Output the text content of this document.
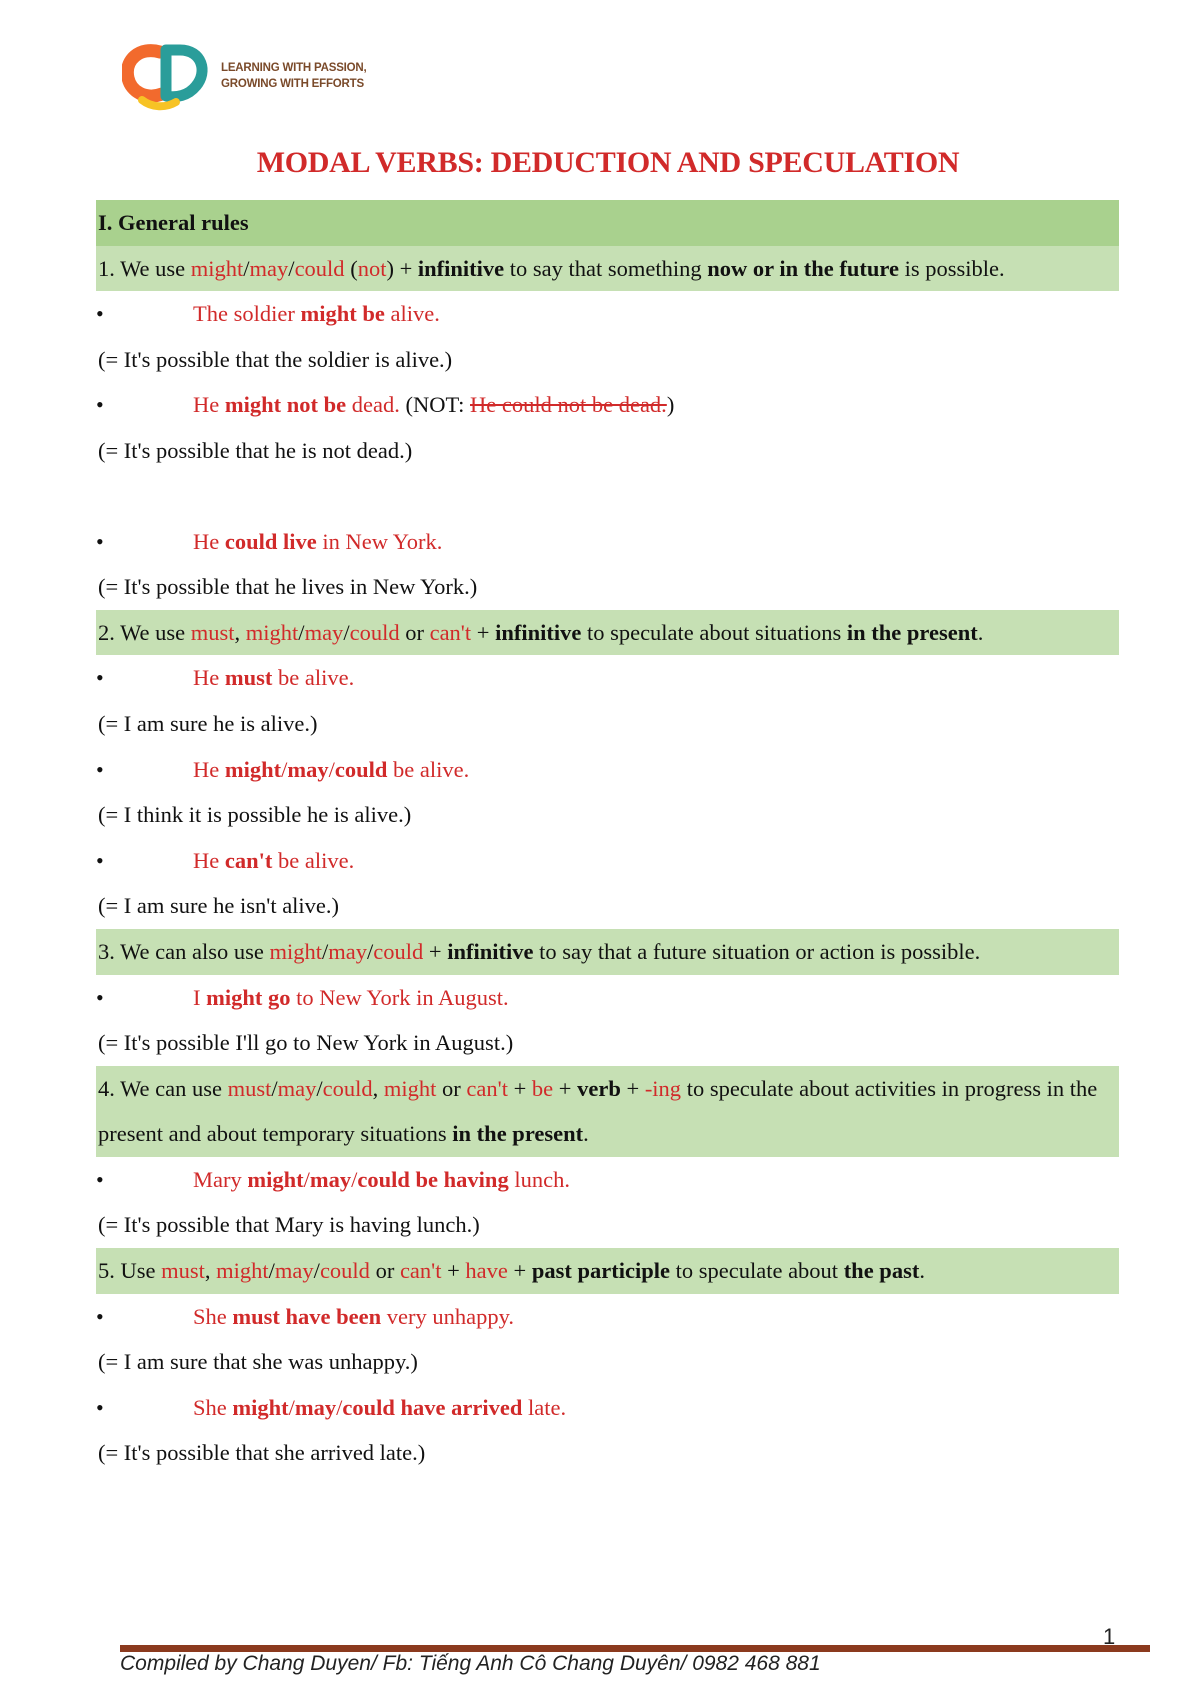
LEARNING WITH PASSION,
GROWING WITH EFFORTS
MODAL VERBS: DEDUCTION AND SPECULATION
I. General rules
1. We use might/may/could (not) + infinitive to say that something now or in the future is possible.
•	The soldier might be alive.
(= It's possible that the soldier is alive.)
•	He might not be dead. (NOT: He could not be dead.)
(= It's possible that he is not dead.)
•	He could live in New York.
(= It's possible that he lives in New York.)
2. We use must, might/may/could or can't + infinitive to speculate about situations in the present.
•	He must be alive.
(= I am sure he is alive.)
•	He might/may/could be alive.
(= I think it is possible he is alive.)
•	He can't be alive.
(= I am sure he isn't alive.)
3. We can also use might/may/could + infinitive to say that a future situation or action is possible.
•	I might go to New York in August.
(= It's possible I'll go to New York in August.)
4. We can use must/may/could, might or can't + be + verb + -ing to speculate about activities in progress in the present and about temporary situations in the present.
•	Mary might/may/could be having lunch.
(= It's possible that Mary is having lunch.)
5. Use must, might/may/could or can't + have + past participle to speculate about the past.
•	She must have been very unhappy.
(= I am sure that she was unhappy.)
•	She might/may/could have arrived late.
(= It's possible that she arrived late.)
1
Compiled by Chang Duyen/ Fb: Tiếng Anh Cô Chang Duyên/ 0982 468 881
